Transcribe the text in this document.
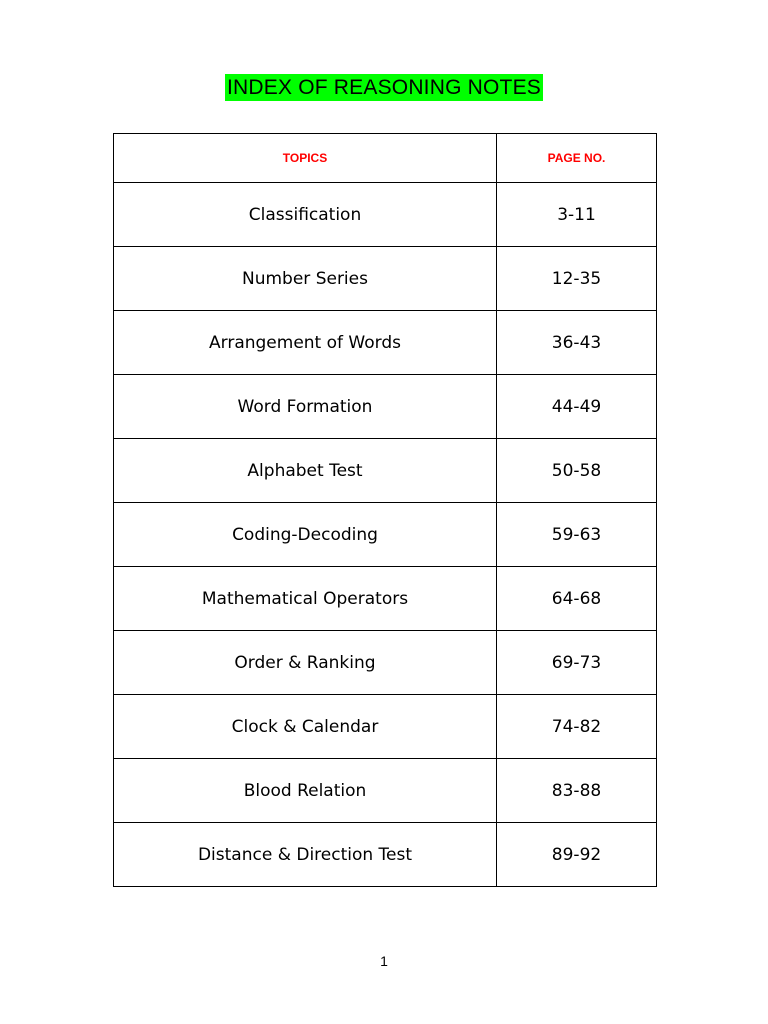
INDEX OF REASONING NOTES
TOPICS	PAGE NO.
Classification	3-11
Number Series	12-35
Arrangement of Words	36-43
Word Formation	44-49
Alphabet Test	50-58
Coding-Decoding	59-63
Mathematical Operators	64-68
Order & Ranking	69-73
Clock & Calendar	74-82
Blood Relation	83-88
Distance & Direction Test	89-92
1
